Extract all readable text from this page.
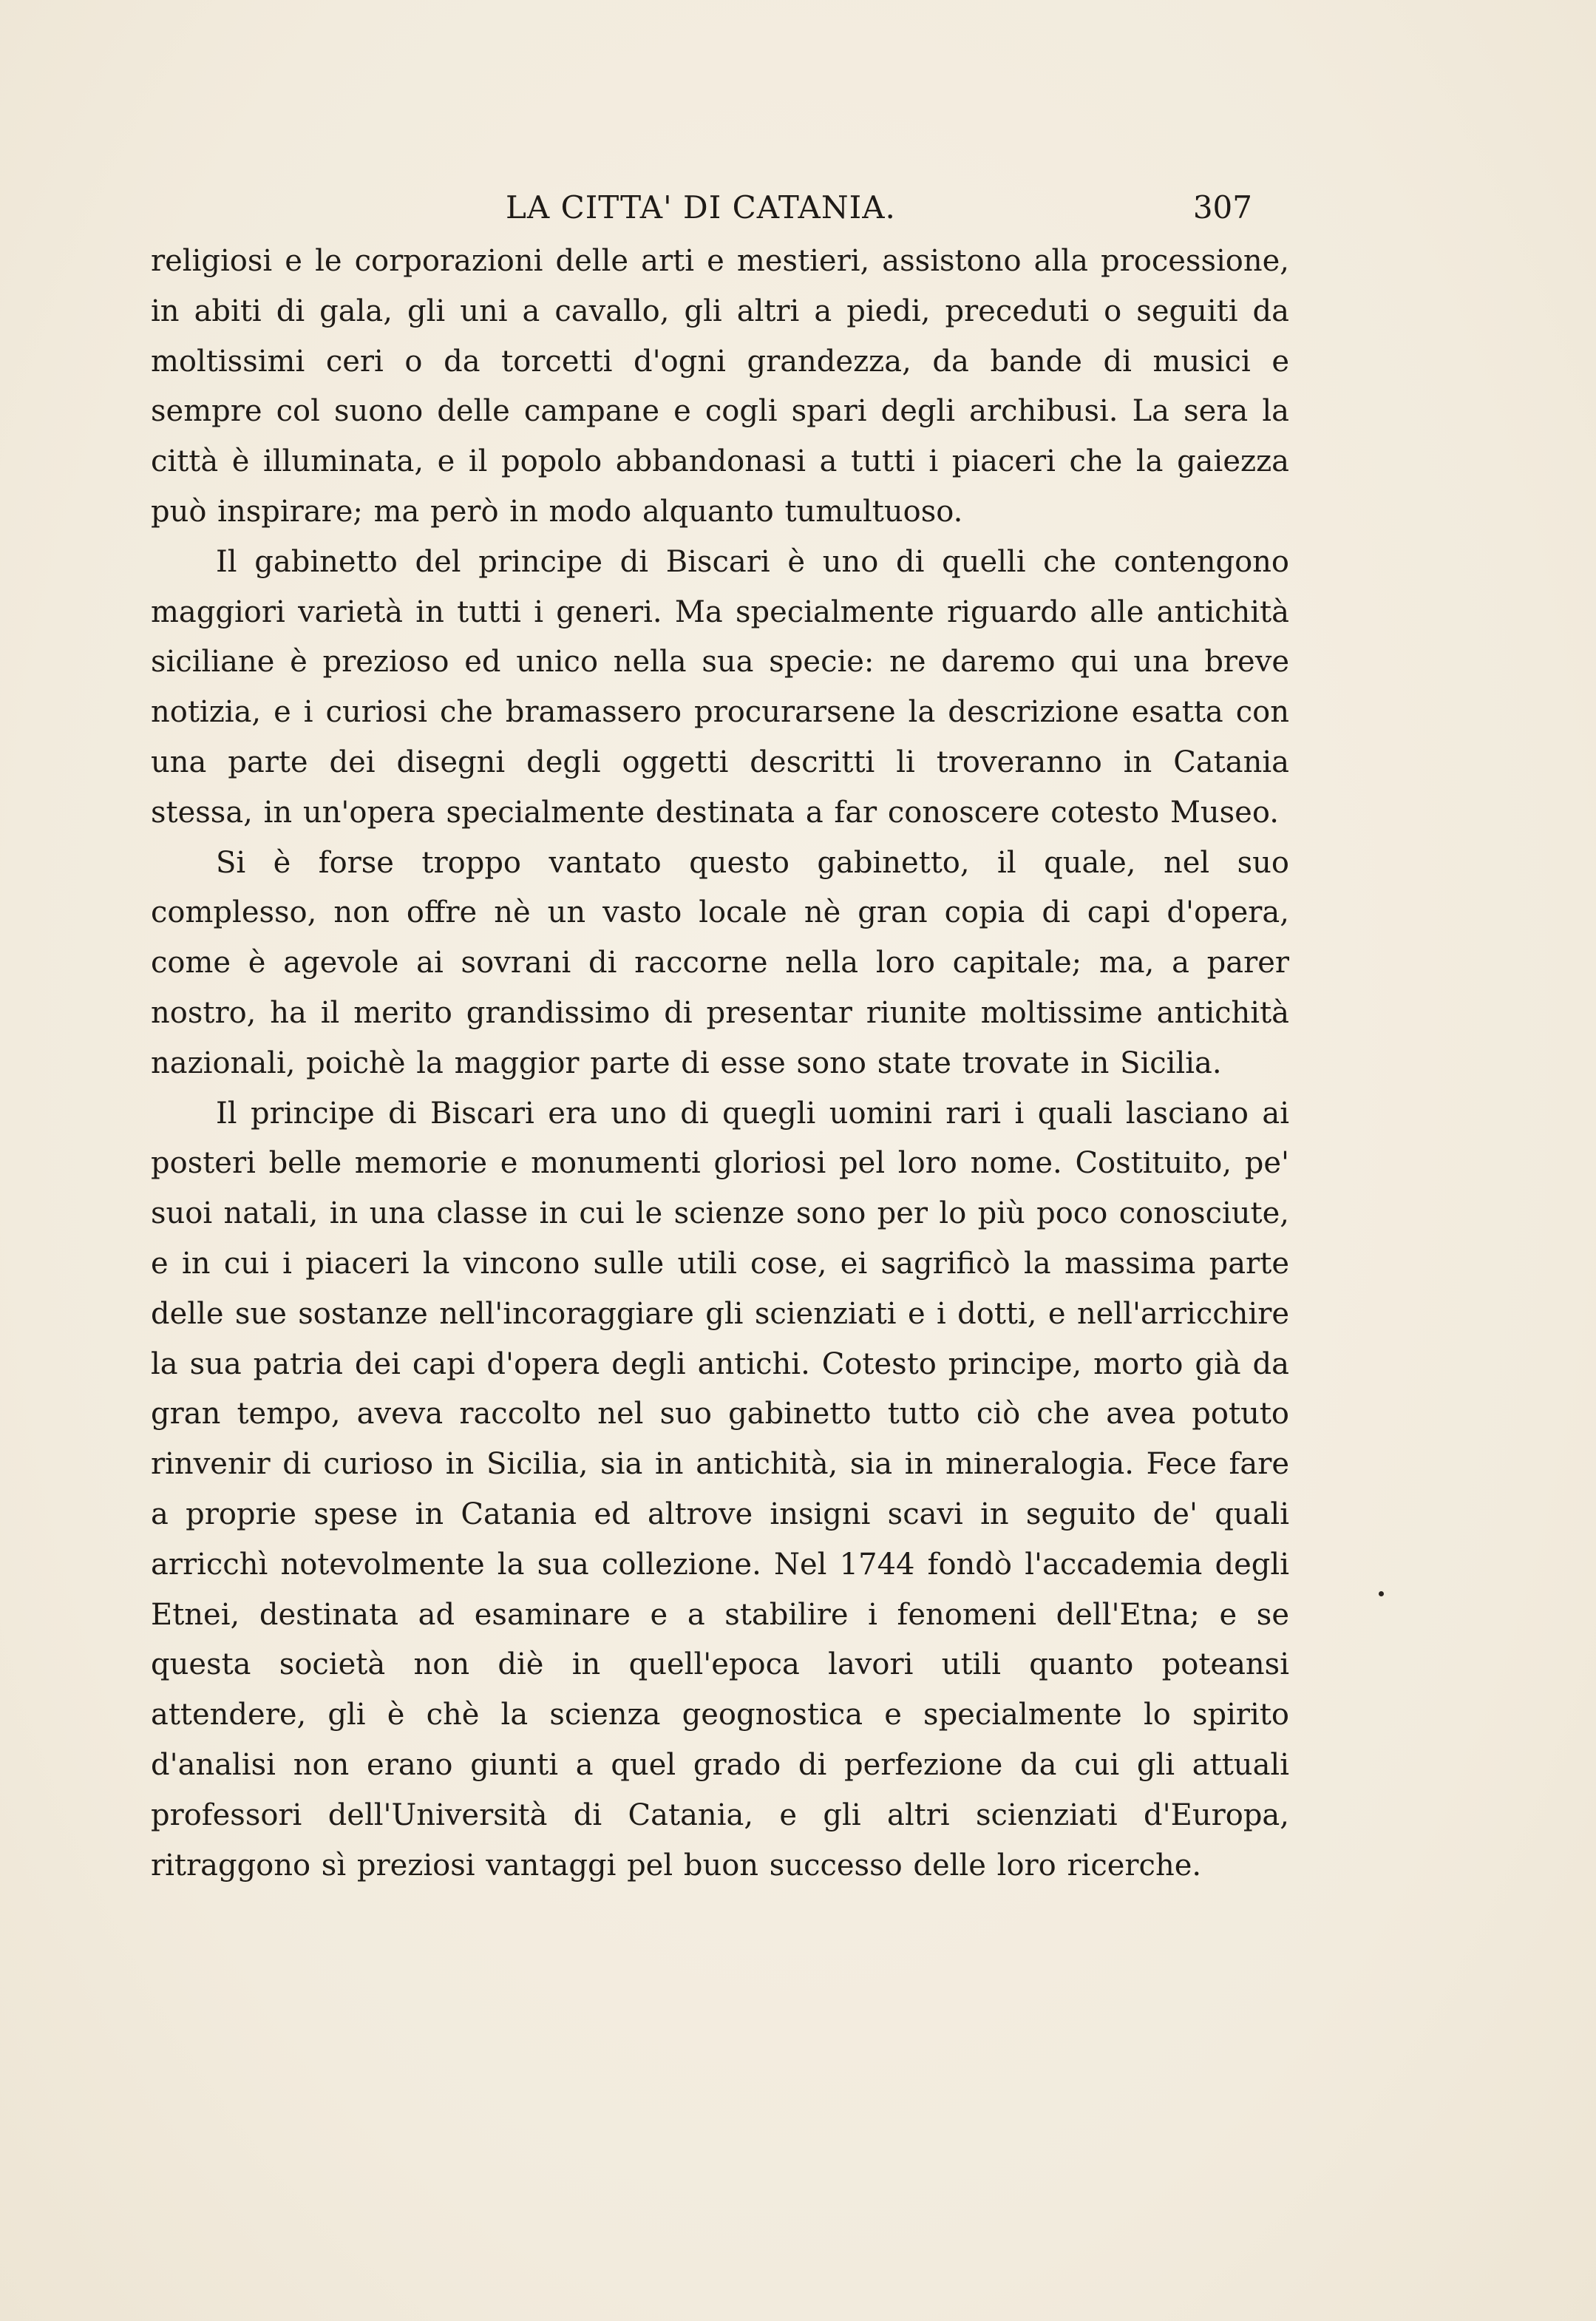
LA CITTA' DI CATANIA.	307

religiosi e le corporazioni delle arti e mestieri, assistono alla processione, in abiti di gala, gli uni a cavallo, gli altri a piedi, preceduti o seguiti da moltissimi ceri o da torcetti d'ogni grandezza, da bande di musici e sempre col suono delle campane e cogli spari degli archibusi. La sera la città è illuminata, e il popolo abbandonasi a tutti i piaceri che la gaiezza può inspirare; ma però in modo alquanto tumultuoso.

Il gabinetto del principe di Biscari è uno di quelli che contengono maggiori varietà in tutti i generi. Ma specialmente riguardo alle antichità siciliane è prezioso ed unico nella sua specie: ne daremo qui una breve notizia, e i curiosi che bramassero procurarsene la descrizione esatta con una parte dei disegni degli oggetti descritti li troveranno in Catania stessa, in un'opera specialmente destinata a far conoscere cotesto Museo.

Si è forse troppo vantato questo gabinetto, il quale, nel suo complesso, non offre nè un vasto locale nè gran copia di capi d'opera, come è agevole ai sovrani di raccorne nella loro capitale; ma, a parer nostro, ha il merito grandissimo di presentar riunite moltissime antichità nazionali, poichè la maggior parte di esse sono state trovate in Sicilia.

Il principe di Biscari era uno di quegli uomini rari i quali lasciano ai posteri belle memorie e monumenti gloriosi pel loro nome. Costituito, pe' suoi natali, in una classe in cui le scienze sono per lo più poco conosciute, e in cui i piaceri la vincono sulle utili cose, ei sagrificò la massima parte delle sue sostanze nell'incoraggiare gli scienziati e i dotti, e nell'arricchire la sua patria dei capi d'opera degli antichi. Cotesto principe, morto già da gran tempo, aveva raccolto nel suo gabinetto tutto ciò che avea potuto rinvenir di curioso in Sicilia, sia in antichità, sia in mineralogia. Fece fare a proprie spese in Catania ed altrove insigni scavi in seguito de' quali arricchì notevolmente la sua collezione. Nel 1744 fondò l'accademia degli Etnei, destinata ad esaminare e a stabilire i fenomeni dell'Etna; e se questa società non diè in quell'epoca lavori utili quanto poteansi attendere, gli è chè la scienza geognostica e specialmente lo spirito d'analisi non erano giunti a quel grado di perfezione da cui gli attuali professori dell'Università di Catania, e gli altri scienziati d'Europa, ritraggono sì preziosi vantaggi pel buon successo delle loro ricerche.
